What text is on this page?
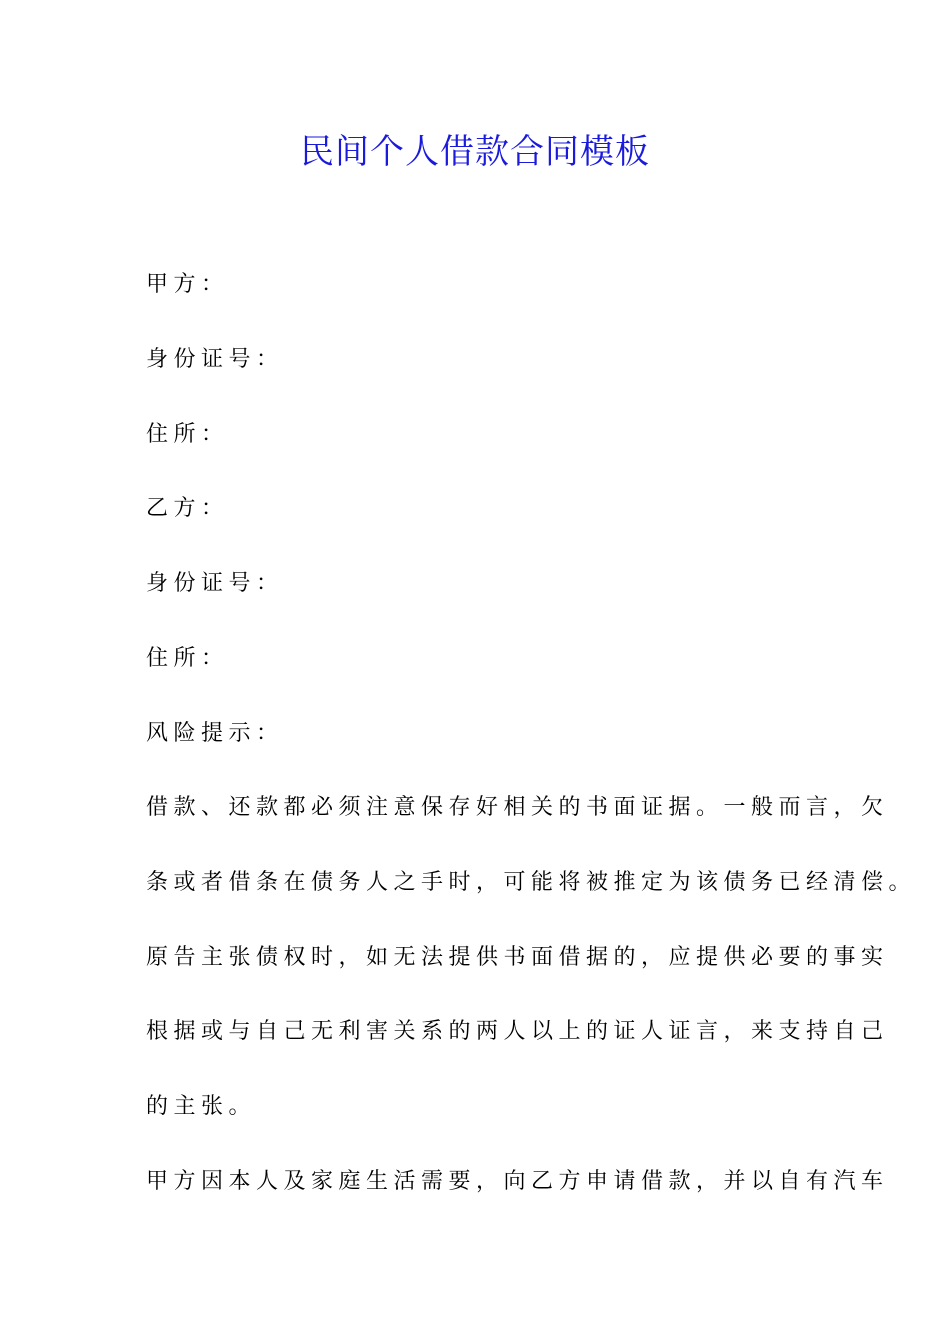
民间个人借款合同模板

甲方：

身份证号：

住所：

乙方：

身份证号：

住所：

风险提示：

借款、还款都必须注意保存好相关的书面证据。一般而言，欠

条或者借条在债务人之手时，可能将被推定为该债务已经清偿。

原告主张债权时，如无法提供书面借据的，应提供必要的事实

根据或与自己无利害关系的两人以上的证人证言，来支持自己

的主张。

甲方因本人及家庭生活需要，向乙方申请借款，并以自有汽车
